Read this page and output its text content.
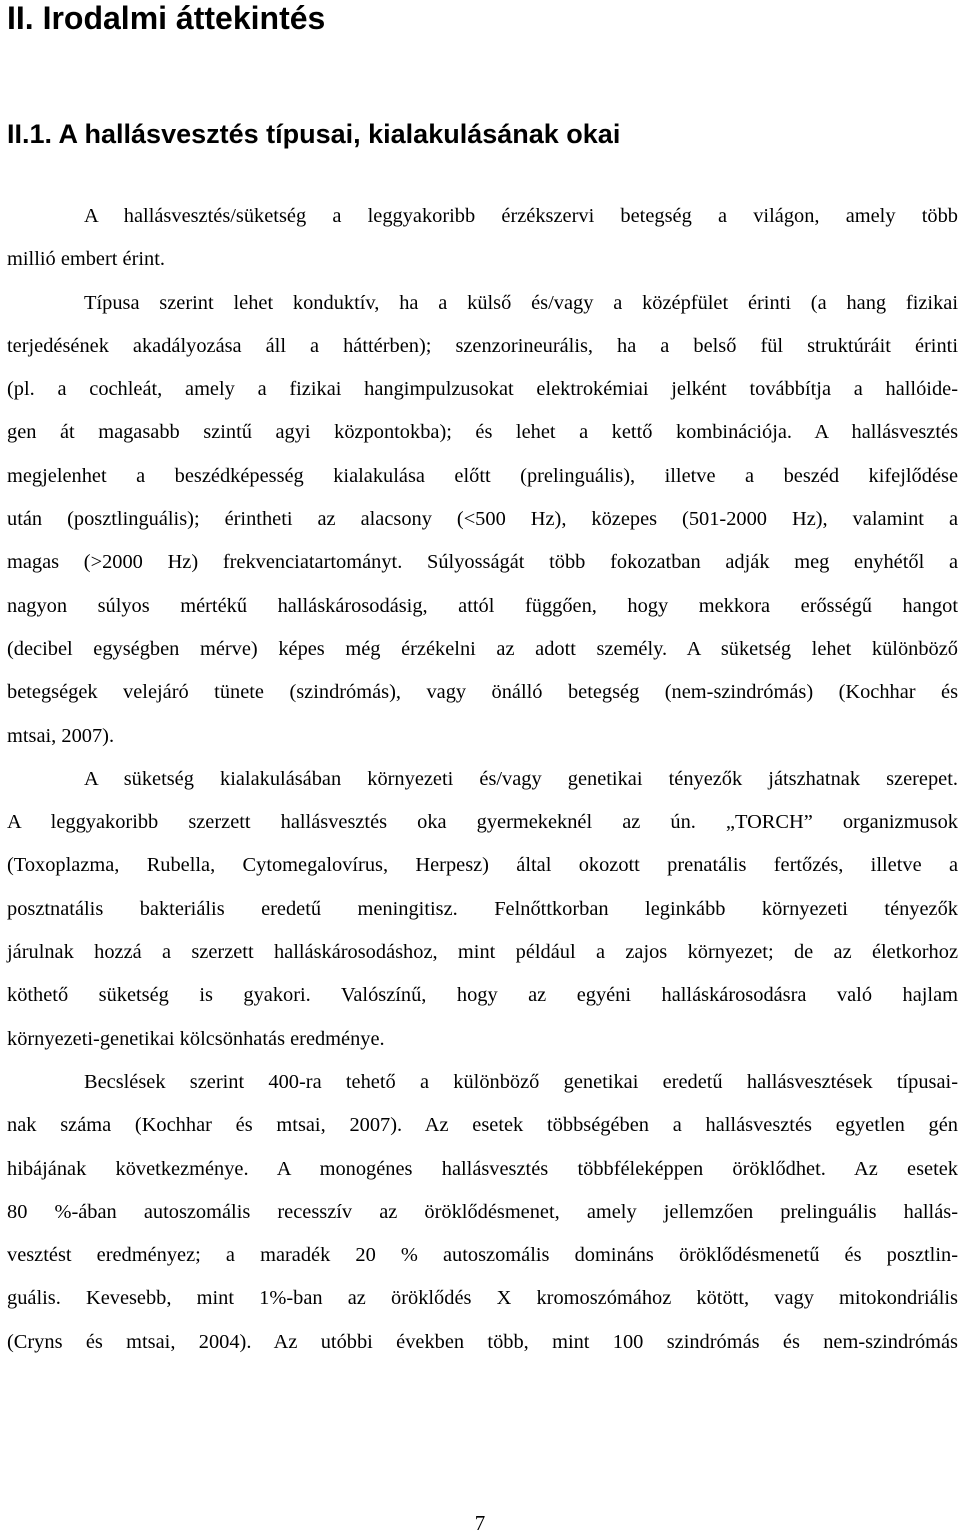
II. Irodalmi áttekintés
II.1. A hallásvesztés típusai, kialakulásának okai
A hallásvesztés/süketség a leggyakoribb érzékszervi betegség a világon, amely több
millió embert érint.
Típusa szerint lehet konduktív, ha a külső és/vagy a középfület érinti (a hang fizikai
terjedésének akadályozása áll a háttérben); szenzorineurális, ha a belső fül struktúráit érinti
(pl. a cochleát, amely a fizikai hangimpulzusokat elektrokémiai jelként továbbítja a hallóide-
gen át magasabb szintű agyi központokba); és lehet a kettő kombinációja. A hallásvesztés
megjelenhet a beszédképesség kialakulása előtt (prelinguális), illetve a beszéd kifejlődése
után (posztlinguális); érintheti az alacsony (<500 Hz), közepes (501-2000 Hz), valamint a
magas (>2000 Hz) frekvenciatartományt. Súlyosságát több fokozatban adják meg enyhétől a
nagyon súlyos mértékű halláskárosodásig, attól függően, hogy mekkora erősségű hangot
(decibel egységben mérve) képes még érzékelni az adott személy. A süketség lehet különböző
betegségek velejáró tünete (szindrómás), vagy önálló betegség (nem-szindrómás) (Kochhar és
mtsai, 2007).
A süketség kialakulásában környezeti és/vagy genetikai tényezők játszhatnak szerepet.
A leggyakoribb szerzett hallásvesztés oka gyermekeknél az ún. „TORCH” organizmusok
(Toxoplazma, Rubella, Cytomegalovírus, Herpesz) által okozott prenatális fertőzés, illetve a
posztnatális bakteriális eredetű meningitisz. Felnőttkorban leginkább környezeti tényezők
járulnak hozzá a szerzett halláskárosodáshoz, mint például a zajos környezet; de az életkorhoz
köthető süketség is gyakori. Valószínű, hogy az egyéni halláskárosodásra való hajlam
környezeti-genetikai kölcsönhatás eredménye.
Becslések szerint 400-ra tehető a különböző genetikai eredetű hallásvesztések típusai-
nak száma (Kochhar és mtsai, 2007). Az esetek többségében a hallásvesztés egyetlen gén
hibájának következménye. A monogénes hallásvesztés többféleképpen öröklődhet. Az esetek
80 %-ában autoszomális recesszív az öröklődésmenet, amely jellemzően prelinguális hallás-
vesztést eredményez; a maradék 20 % autoszomális domináns öröklődésmenetű és posztlin-
guális. Kevesebb, mint 1%-ban az öröklődés X kromoszómához kötött, vagy mitokondriális
(Cryns és mtsai, 2004). Az utóbbi években több, mint 100 szindrómás és nem-szindrómás
7
